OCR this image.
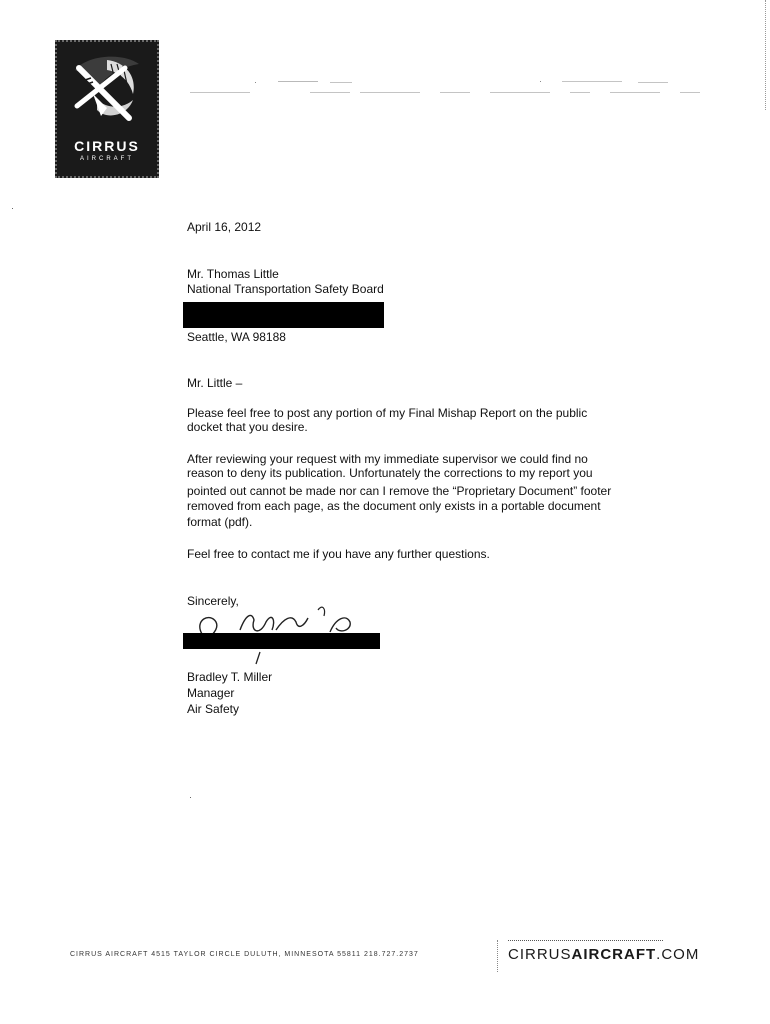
CIRRUS
AIRCRAFT

April 16, 2012

Mr. Thomas Little

National Transportation Safety Board

Seattle, WA 98188

Mr. Little –

Please feel free to post any portion of my Final Mishap Report on the public

docket that you desire.

After reviewing your request with my immediate supervisor we could find no

reason to deny its publication. Unfortunately the corrections to my report you

pointed out cannot be made nor can I remove the “Proprietary Document” footer

removed from each page, as the document only exists in a portable document

format (pdf).

Feel free to contact me if you have any further questions.

Sincerely,

Bradley T. Miller

Manager

Air Safety

CIRRUS AIRCRAFT 4515 TAYLOR CIRCLE DULUTH, MINNESOTA 55811 218.727.2737	CIRRUSAIRCRAFT.COM
